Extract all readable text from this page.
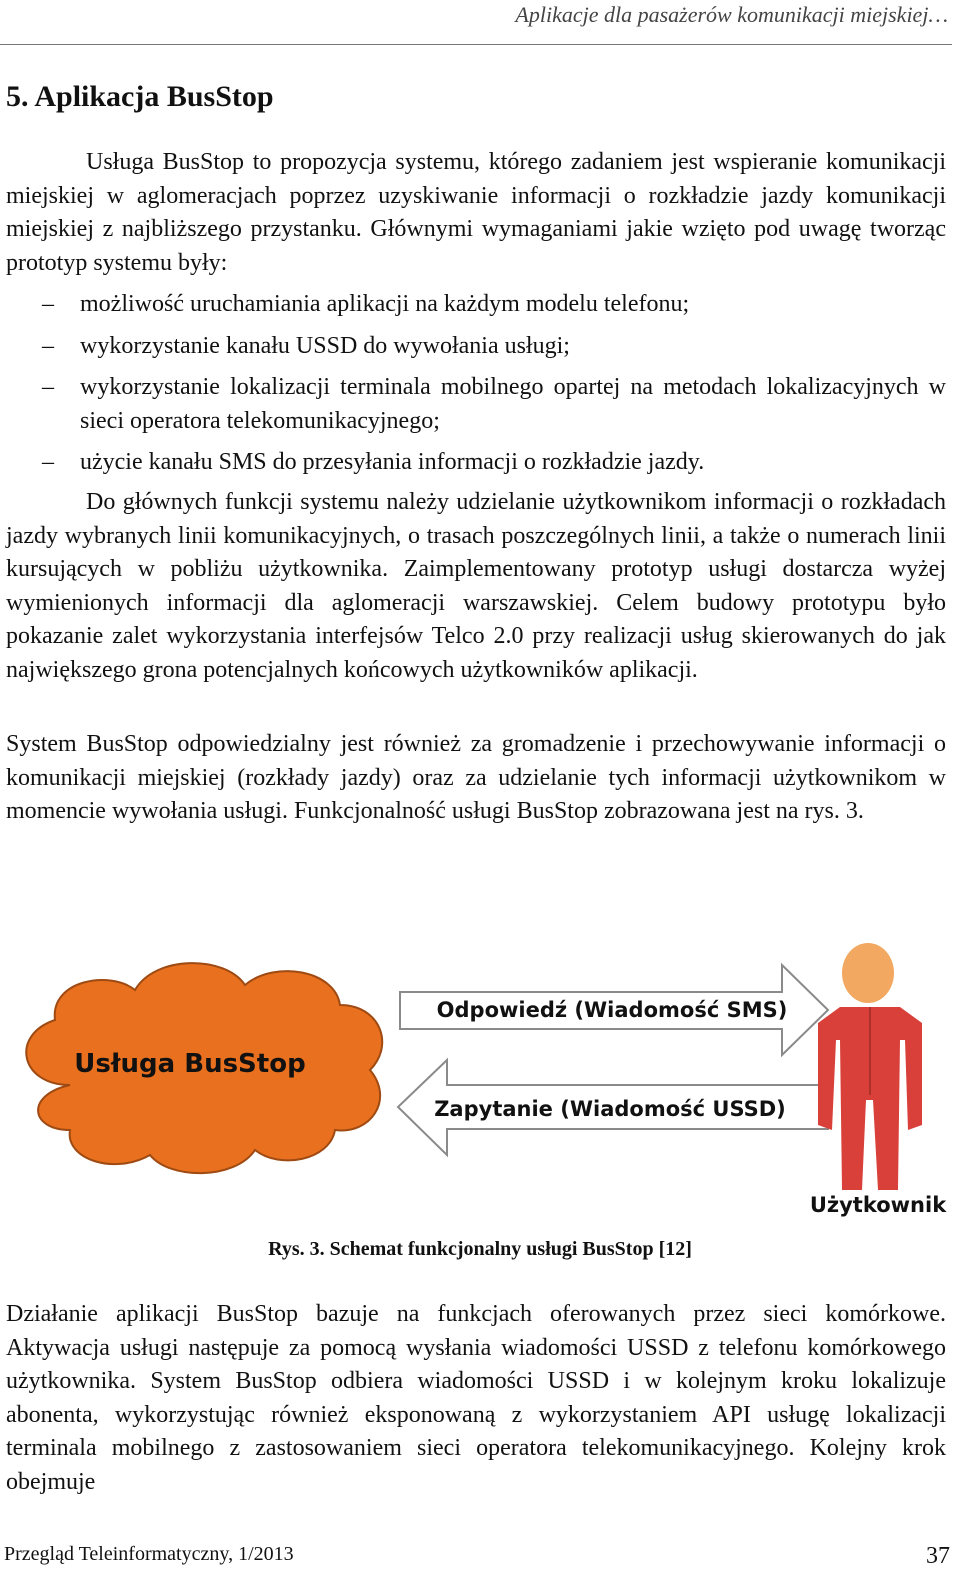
Aplikacje dla pasażerów komunikacji miejskiej…
5. Aplikacja BusStop

Usługa BusStop to propozycja systemu, którego zadaniem jest wspieranie komunikacji miejskiej w aglomeracjach poprzez uzyskiwanie informacji o rozkładzie jazdy komunikacji miejskiej z najbliższego przystanku. Głównymi wymaganiami jakie wzięto pod uwagę tworząc prototyp systemu były:

– możliwość uruchamiania aplikacji na każdym modelu telefonu;
– wykorzystanie kanału USSD do wywołania usługi;
– wykorzystanie lokalizacji terminala mobilnego opartej na metodach lokalizacyjnych w sieci operatora telekomunikacyjnego;
– użycie kanału SMS do przesyłania informacji o rozkładzie jazdy.

Do głównych funkcji systemu należy udzielanie użytkownikom informacji o rozkładach jazdy wybranych linii komunikacyjnych, o trasach poszczególnych linii, a także o numerach linii kursujących w pobliżu użytkownika. Zaimplementowany prototyp usługi dostarcza wyżej wymienionych informacji dla aglomeracji warszawskiej. Celem budowy prototypu było pokazanie zalet wykorzystania interfejsów Telco 2.0 przy realizacji usług skierowanych do jak największego grona potencjalnych końcowych użytkowników aplikacji.

System BusStop odpowiedzialny jest również za gromadzenie i przechowywanie informacji o komunikacji miejskiej (rozkłady jazdy) oraz za udzielanie tych informacji użytkownikom w momencie wywołania usługi. Funkcjonalność usługi BusStop zobrazowana jest na rys. 3.

Usługa BusStop
Odpowiedź (Wiadomość SMS)
Zapytanie (Wiadomość USSD)
Użytkownik
Rys. 3. Schemat funkcjonalny usługi BusStop [12]

Działanie aplikacji BusStop bazuje na funkcjach oferowanych przez sieci komórkowe. Aktywacja usługi następuje za pomocą wysłania wiadomości USSD z telefonu komórkowego użytkownika. System BusStop odbiera wiadomości USSD i w kolejnym kroku lokalizuje abonenta, wykorzystując również eksponowaną z wykorzystaniem API usługę lokalizacji terminala mobilnego z zastosowaniem sieci operatora telekomunikacyjnego. Kolejny krok obejmuje

Przegląd Teleinformatyczny, 1/2013	37
